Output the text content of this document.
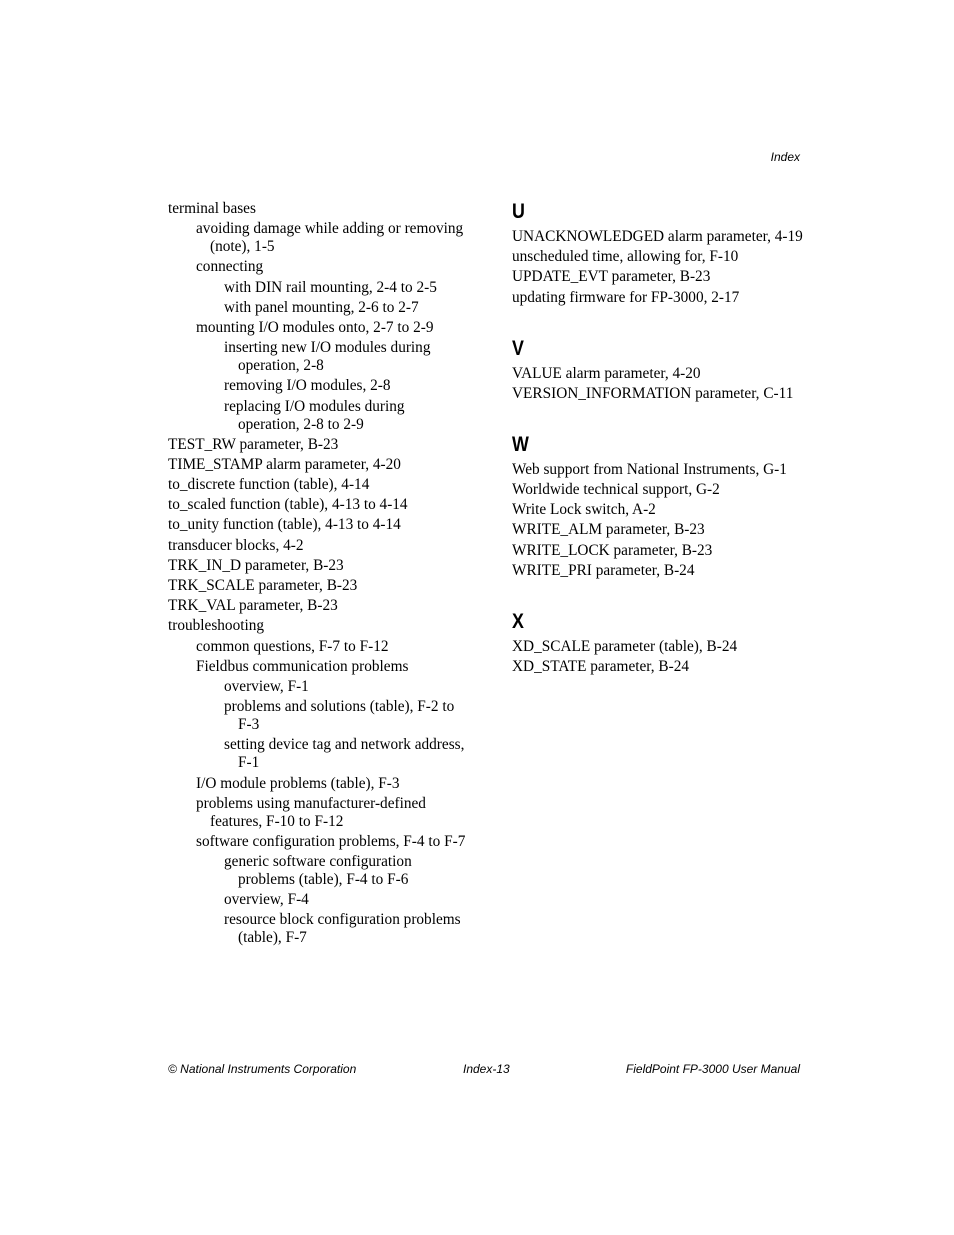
Index
terminal bases
avoiding damage while adding or removing (note), 1-5
connecting
with DIN rail mounting, 2-4 to 2-5
with panel mounting, 2-6 to 2-7
mounting I/O modules onto, 2-7 to 2-9
inserting new I/O modules during operation, 2-8
removing I/O modules, 2-8
replacing I/O modules during operation, 2-8 to 2-9
TEST_RW parameter, B-23
TIME_STAMP alarm parameter, 4-20
to_discrete function (table), 4-14
to_scaled function (table), 4-13 to 4-14
to_unity function (table), 4-13 to 4-14
transducer blocks, 4-2
TRK_IN_D parameter, B-23
TRK_SCALE parameter, B-23
TRK_VAL parameter, B-23
troubleshooting
common questions, F-7 to F-12
Fieldbus communication problems
overview, F-1
problems and solutions (table), F-2 to F-3
setting device tag and network address, F-1
I/O module problems (table), F-3
problems using manufacturer-defined features, F-10 to F-12
software configuration problems, F-4 to F-7
generic software configuration problems (table), F-4 to F-6
overview, F-4
resource block configuration problems (table), F-7
U
UNACKNOWLEDGED alarm parameter, 4-19
unscheduled time, allowing for, F-10
UPDATE_EVT parameter, B-23
updating firmware for FP-3000, 2-17
V
VALUE alarm parameter, 4-20
VERSION_INFORMATION parameter, C-11
W
Web support from National Instruments, G-1
Worldwide technical support, G-2
Write Lock switch, A-2
WRITE_ALM parameter, B-23
WRITE_LOCK parameter, B-23
WRITE_PRI parameter, B-24
X
XD_SCALE parameter (table), B-24
XD_STATE parameter, B-24
© National Instruments Corporation	Index-13	FieldPoint FP-3000 User Manual
